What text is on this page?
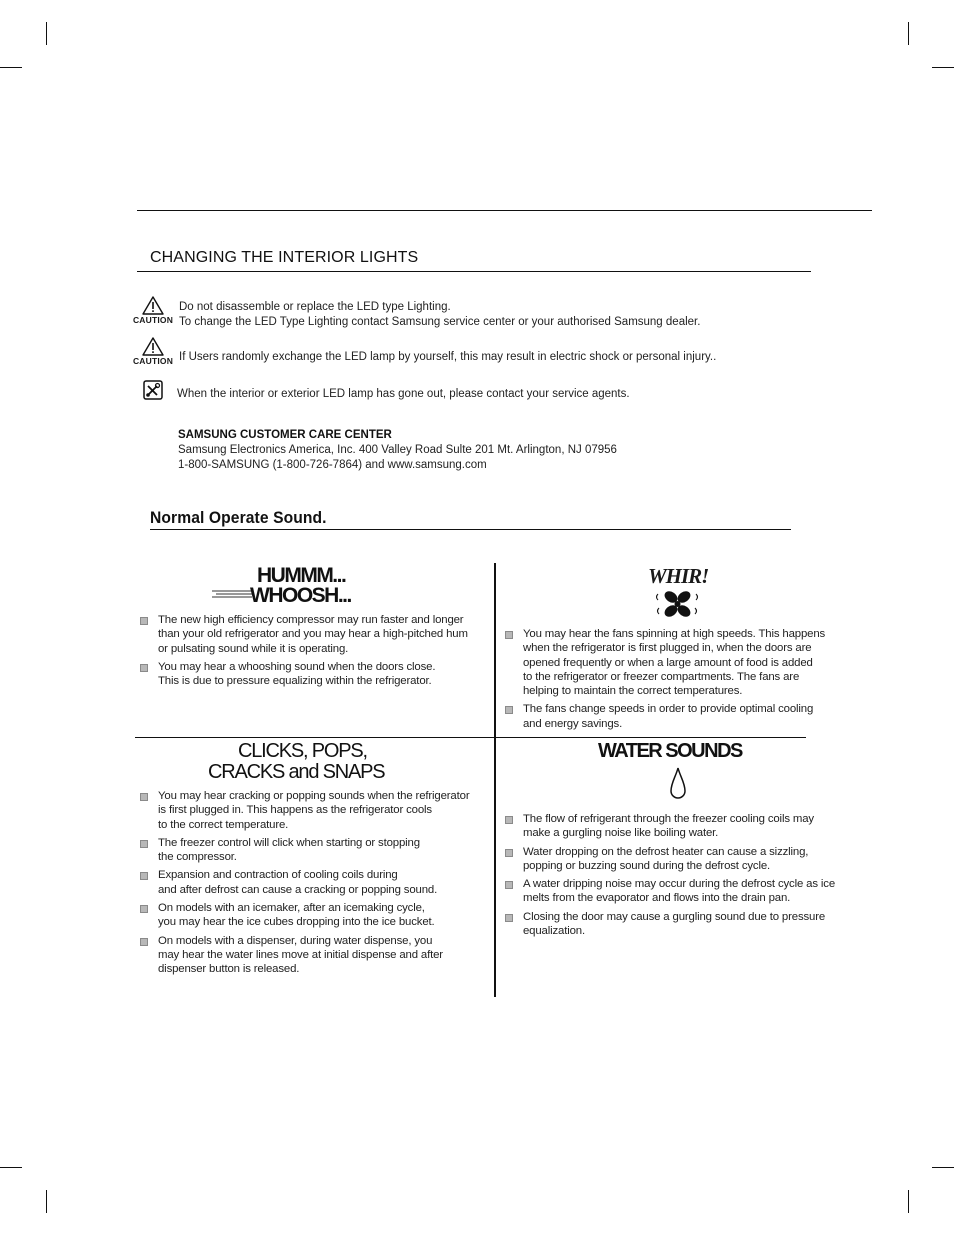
CHANGING THE INTERIOR LIGHTS
CAUTION
Do not disassemble or replace the LED type Lighting.
To change the LED Type Lighting contact Samsung service center or your authorised Samsung dealer.
CAUTION If Users randomly exchange the LED lamp by yourself, this may result in electric shock or personal injury..
When the interior or exterior LED lamp has gone out, please contact your service agents.
SAMSUNG CUSTOMER CARE CENTER
Samsung Electronics America, Inc. 400 Valley Road Sulte 201 Mt. Arlington, NJ 07956
1-800-SAMSUNG (1-800-726-7864) and www.samsung.com
Normal Operate Sound.
HUMMM...
WHOOSH...
The new high efficiency compressor may run faster and longer
than your old refrigerator and you may hear a high-pitched hum
or pulsating sound while it is operating.
You may hear a whooshing sound when the doors close.
This is due to pressure equalizing within the refrigerator.
WHIR!
You may hear the fans spinning at high speeds. This happens
when the refrigerator is first plugged in, when the doors are
opened frequently or when a large amount of food is added
to the refrigerator or freezer compartments. The fans are
helping to maintain the correct temperatures.
The fans change speeds in order to provide optimal cooling
and energy savings.
CLICKS, POPS,
CRACKS and SNAPS
You may hear cracking or popping sounds when the refrigerator
is first plugged in. This happens as the refrigerator cools
to the correct temperature.
The freezer control will click when starting or stopping
the compressor.
Expansion and contraction of cooling coils during
and after defrost can cause a cracking or popping sound.
On models with an icemaker, after an icemaking cycle,
you may hear the ice cubes dropping into the ice bucket.
On models with a dispenser, during water dispense, you
may hear the water lines move at initial dispense and after
dispenser button is released.
WATER SOUNDS
The flow of refrigerant through the freezer cooling coils may
make a gurgling noise like boiling water.
Water dropping on the defrost heater can cause a sizzling,
popping or buzzing sound during the defrost cycle.
A water dripping noise may occur during the defrost cycle as ice
melts from the evaporator and flows into the drain pan.
Closing the door may cause a gurgling sound due to pressure
equalization.
